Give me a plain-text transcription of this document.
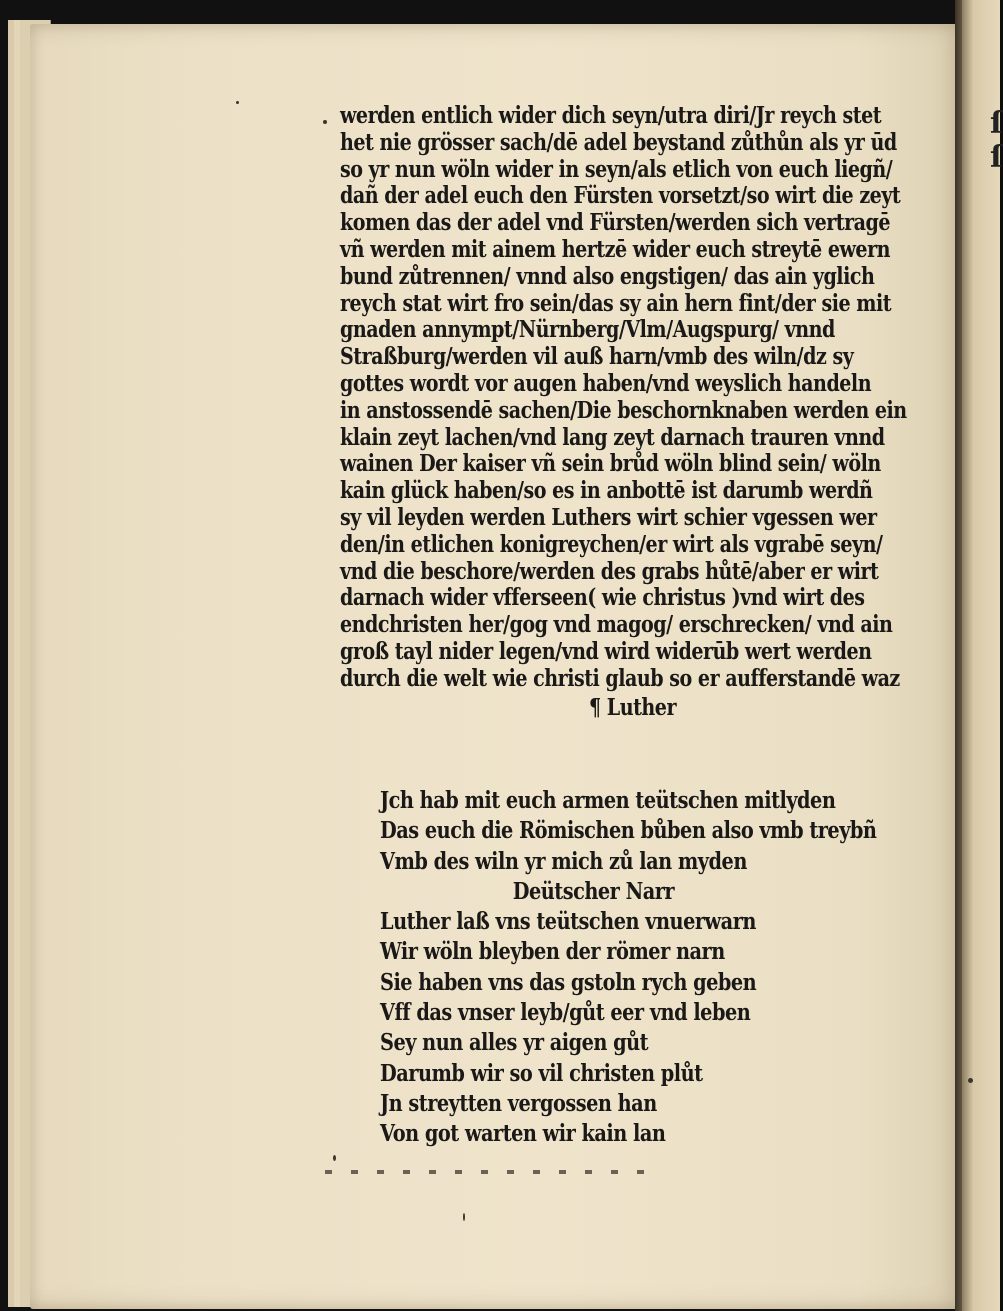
ſ
ſ
werden entlich wider dich seyn/utra diri/Jr reych stet
het nie grösser sach/dē adel beystand zůthůn als yr ūd
so yr nun wöln wider in seyn/als etlich von euch liegñ/
dañ der adel euch den Fürsten vorsetzt/so wirt die zeyt
komen das der adel vnd Fürsten/werden sich vertragē
vñ werden mit ainem hertzē wider euch streytē ewern
bund zůtrennen/ vnnd also engstigen/ das ain yglich
reych stat wirt fro sein/das sy ain hern fint/der sie mit
gnaden annympt/Nürnberg/Vlm/Augspurg/ vnnd
Straßburg/werden vil auß harn/vmb des wiln/dz sy
gottes wordt vor augen haben/vnd weyslich handeln
in anstossendē sachen/Die beschornknaben werden ein
klain zeyt lachen/vnd lang zeyt darnach trauren vnnd
wainen Der kaiser vñ sein brůd wöln blind sein/ wöln
kain glück haben/so es in anbottē ist darumb werdñ
sy vil leyden werden Luthers wirt schier vgessen wer
den/in etlichen konigreychen/er wirt als vgrabē seyn/
vnd die beschore/werden des grabs hůtē/aber er wirt
darnach wider vfferseen( wie christus )vnd wirt des
endchristen her/gog vnd magog/ erschrecken/ vnd ain
groß tayl nider legen/vnd wird widerūb wert werden
durch die welt wie christi glaub so er aufferstandē waz
¶ Luther
Jch hab mit euch armen teütschen mitlyden
Das euch die Römischen bůben also vmb treybñ
Vmb des wiln yr mich zů lan myden
Deütscher Narr
Luther laß vns teütschen vnuerwarn
Wir wöln bleyben der römer narn
Sie haben vns das gstoln rych geben
Vff das vnser leyb/gůt eer vnd leben
Sey nun alles yr aigen gůt
Darumb wir so vil christen plůt
Jn streytten vergossen han
Von got warten wir kain lan
